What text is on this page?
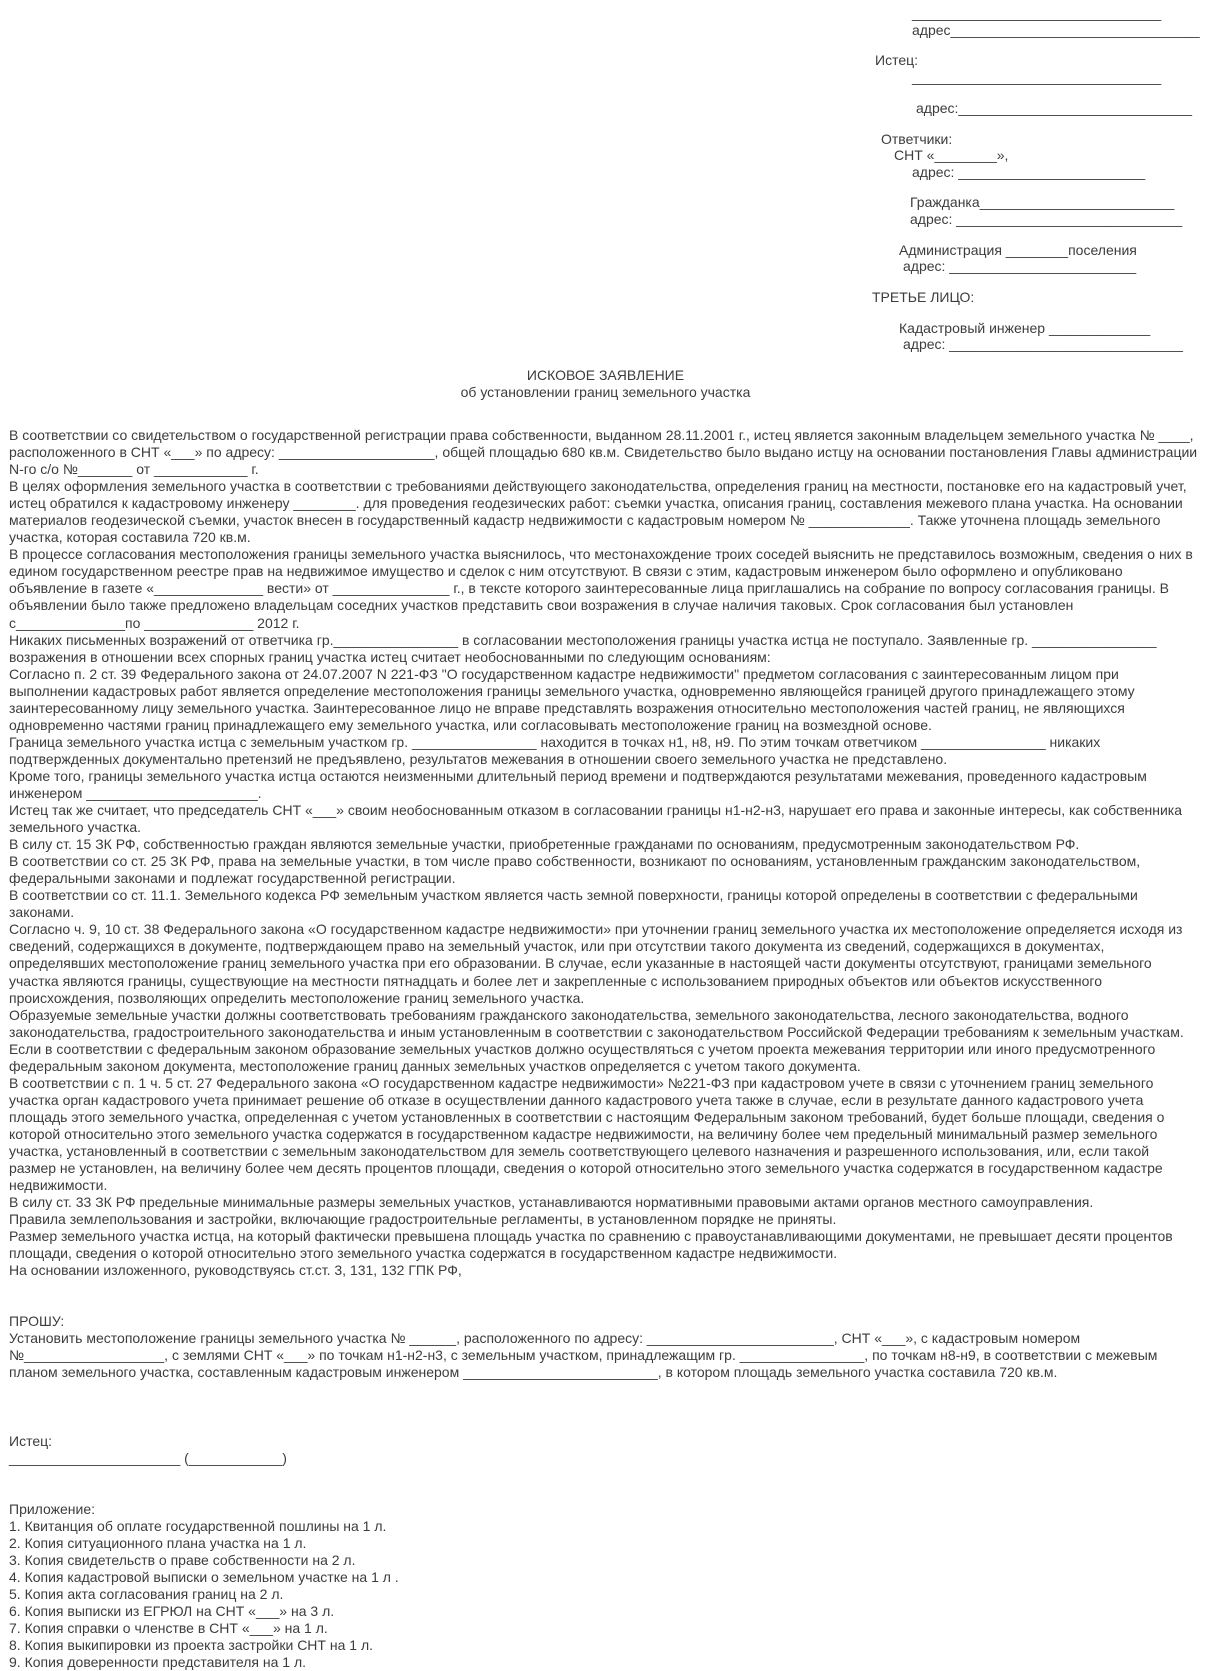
________________________________
адрес________________________________
Истец:
________________________________
адрес:______________________________
Ответчики:
СНТ «________»,
адрес: ________________________
Гражданка_________________________
адрес: _____________________________
Администрация ________поселения
адрес: ________________________
ТРЕТЬЕ ЛИЦО:
Кадастровый инженер _____________
адрес: ______________________________
ИСКОВОЕ ЗАЯВЛЕНИЕ
об установлении границ земельного участка

В соответствии со свидетельством о государственной регистрации права собственности, выданном 28.11.2001 г., истец является законным владельцем земельного участка № ____, расположенного в СНТ «___» по адресу: ____________________, общей площадью 680 кв.м. Свидетельство было выдано истцу на основании постановления Главы администрации N-го с/о №_______ от ____________ г.

В целях оформления земельного участка в соответствии с требованиями действующего законодательства, определения границ на местности, постановке его на кадастровый учет, истец обратился к кадастровому инженеру ________. для проведения геодезических работ: съемки участка, описания границ, составления межевого плана участка. На основании материалов геодезической съемки, участок внесен в государственный кадастр недвижимости с кадастровым номером № _____________. Также уточнена площадь земельного участка, которая составила 720 кв.м.

В процессе согласования местоположения границы земельного участка выяснилось, что местонахождение троих соседей выяснить не представилось возможным, сведения о них в едином государственном реестре прав на недвижимое имущество и сделок с ним отсутствуют. В связи с этим, кадастровым инженером было оформлено и опубликовано объявление в газете «______________ вести» от _______________ г., в тексте которого заинтересованные лица приглашались на собрание по вопросу согласования границы. В объявлении было также предложено владельцам соседних участков представить свои возражения в случае наличия таковых. Срок согласования был установлен с______________по ______________ 2012 г.

Никаких письменных возражений от ответчика гр.________________ в согласовании местоположения границы участка истца не поступало. Заявленные гр. ________________ возражения в отношении всех спорных границ участка истец считает необоснованными по следующим основаниям:

Согласно п. 2 ст. 39 Федерального закона от 24.07.2007 N 221-ФЗ "О государственном кадастре недвижимости" предметом согласования с заинтересованным лицом при выполнении кадастровых работ является определение местоположения границы земельного участка, одновременно являющейся границей другого принадлежащего этому заинтересованному лицу земельного участка. Заинтересованное лицо не вправе представлять возражения относительно местоположения частей границ, не являющихся одновременно частями границ принадлежащего ему земельного участка, или согласовывать местоположение границ на возмездной основе.

Граница земельного участка истца с земельным участком гр. ________________ находится в точках н1, н8, н9. По этим точкам ответчиком ________________ никаких подтвержденных документально претензий не предъявлено, результатов межевания в отношении своего земельного участка не представлено.

Кроме того, границы земельного участка истца остаются неизменными длительный период времени и подтверждаются результатами межевания, проведенного кадастровым инженером ______________________.

Истец так же считает, что председатель СНТ «___» своим необоснованным отказом в согласовании границы н1-н2-н3, нарушает его права и законные интересы, как собственника земельного участка.

В силу ст. 15 ЗК РФ, собственностью граждан являются земельные участки, приобретенные гражданами по основаниям, предусмотренным законодательством РФ.

В соответствии со ст. 25 ЗК РФ, права на земельные участки, в том числе право собственности, возникают по основаниям, установленным гражданским законодательством, федеральными законами и подлежат государственной регистрации.

В соответствии со ст. 11.1. Земельного кодекса РФ земельным участком является часть земной поверхности, границы которой определены в соответствии с федеральными законами.

Согласно ч. 9, 10 ст. 38 Федерального закона «О государственном кадастре недвижимости» при уточнении границ земельного участка их местоположение определяется исходя из сведений, содержащихся в документе, подтверждающем право на земельный участок, или при отсутствии такого документа из сведений, содержащихся в документах, определявших местоположение границ земельного участка при его образовании. В случае, если указанные в настоящей части документы отсутствуют, границами земельного участка являются границы, существующие на местности пятнадцать и более лет и закрепленные с использованием природных объектов или объектов искусственного происхождения, позволяющих определить местоположение границ земельного участка.

Образуемые земельные участки должны соответствовать требованиям гражданского законодательства, земельного законодательства, лесного законодательства, водного законодательства, градостроительного законодательства и иным установленным в соответствии с законодательством Российской Федерации требованиям к земельным участкам. Если в соответствии с федеральным законом образование земельных участков должно осуществляться с учетом проекта межевания территории или иного предусмотренного федеральным законом документа, местоположение границ данных земельных участков определяется с учетом такого документа.

В соответствии с п. 1 ч. 5 ст. 27 Федерального закона «О государственном кадастре недвижимости» №221-ФЗ при кадастровом учете в связи с уточнением границ земельного участка орган кадастрового учета принимает решение об отказе в осуществлении данного кадастрового учета также в случае, если в результате данного кадастрового учета площадь этого земельного участка, определенная с учетом установленных в соответствии с настоящим Федеральным законом требований, будет больше площади, сведения о которой относительно этого земельного участка содержатся в государственном кадастре недвижимости, на величину более чем предельный минимальный размер земельного участка, установленный в соответствии с земельным законодательством для земель соответствующего целевого назначения и разрешенного использования, или, если такой размер не установлен, на величину более чем десять процентов площади, сведения о которой относительно этого земельного участка содержатся в государственном кадастре недвижимости.

В силу ст. 33 ЗК РФ предельные минимальные размеры земельных участков, устанавливаются нормативными правовыми актами органов местного самоуправления.

Правила землепользования и застройки, включающие градостроительные регламенты, в установленном порядке не приняты.

Размер земельного участка истца, на который фактически превышена площадь участка по сравнению с правоустанавливающими документами, не превышает десяти процентов площади, сведения о которой относительно этого земельного участка содержатся в государственном кадастре недвижимости.

На основании изложенного, руководствуясь ст.ст. 3, 131, 132 ГПК РФ,

ПРОШУ:

Установить местоположение границы земельного участка № ______, расположенного по адресу: ________________________, СНТ «___», с кадастровым номером №__________________, с землями СНТ «___» по точкам н1-н2-н3, с земельным участком, принадлежащим гр. ________________, по точкам н8-н9, в соответствии с межевым планом земельного участка, составленным кадастровым инженером _________________________, в котором площадь земельного участка составила 720 кв.м.

Истец:

______________________ (____________)

Приложение:

1. Квитанция об оплате государственной пошлины на 1 л.

2. Копия ситуационного плана участка на 1 л.

3. Копия свидетельств о праве собственности на 2 л.

4. Копия кадастровой выписки о земельном участке на 1 л .

5. Копия акта согласования границ на 2 л.

6. Копия выписки из ЕГРЮЛ на СНТ «___» на 3 л.

7. Копия справки о членстве в СНТ «___» на 1 л.

8. Копия выкипировки из проекта застройки СНТ на 1 л.

9. Копия доверенности представителя на 1 л.
